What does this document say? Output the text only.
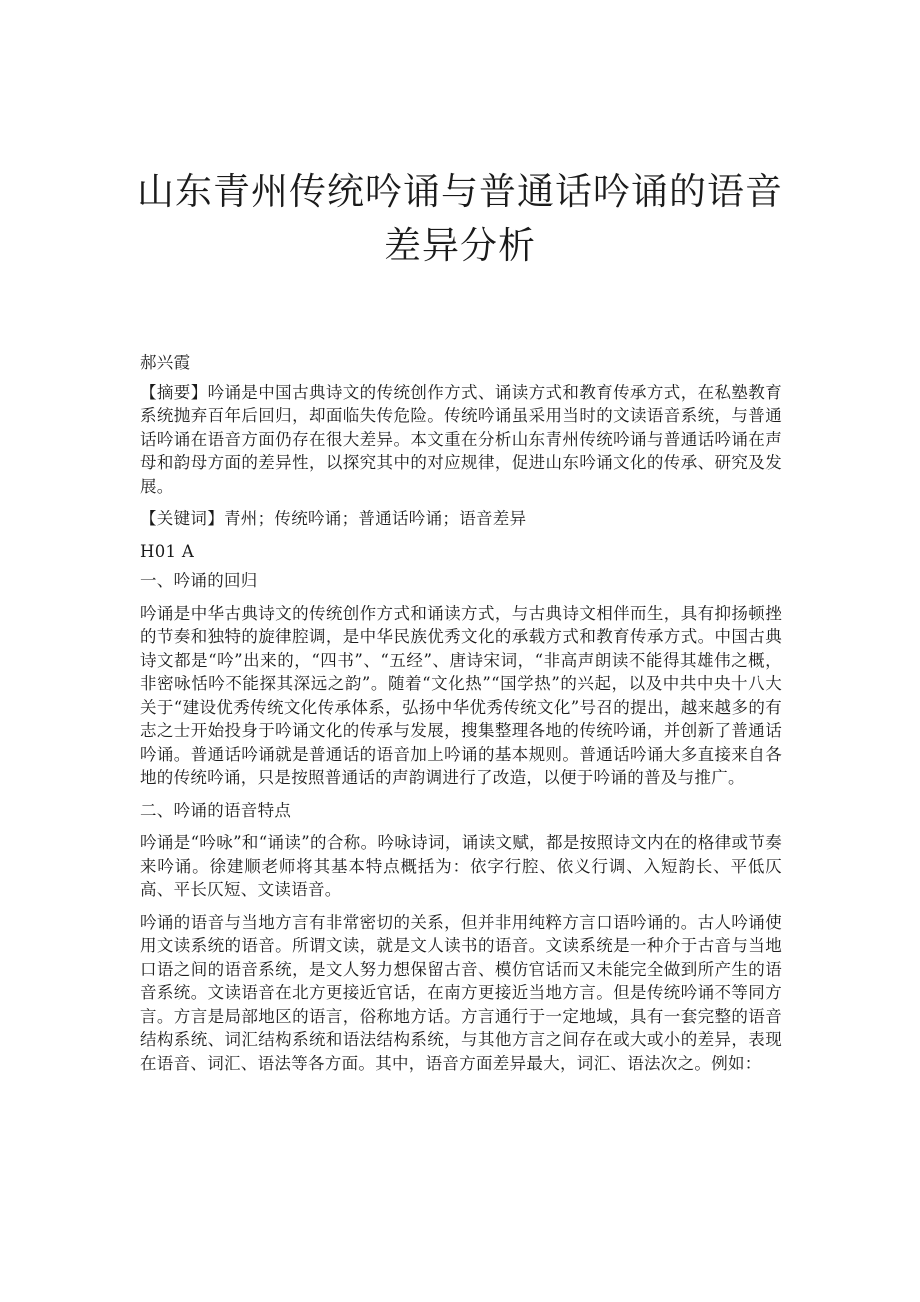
山东青州传统吟诵与普通话吟诵的语音
差异分析

郝兴霞

【摘要】吟诵是中国古典诗文的传统创作方式、诵读方式和教育传承方式，在私塾教育系统抛弃百年后回归，却面临失传危险。传统吟诵虽采用当时的文读语音系统，与普通话吟诵在语音方面仍存在很大差异。本文重在分析山东青州传统吟诵与普通话吟诵在声母和韵母方面的差异性，以探究其中的对应规律，促进山东吟诵文化的传承、研究及发展。

【关键词】青州；传统吟诵；普通话吟诵；语音差异

H01 A

一、吟诵的回归

吟诵是中华古典诗文的传统创作方式和诵读方式，与古典诗文相伴而生，具有抑扬顿挫的节奏和独特的旋律腔调，是中华民族优秀文化的承载方式和教育传承方式。中国古典诗文都是“吟”出来的，“四书”、“五经”、唐诗宋词，“非高声朗读不能得其雄伟之概，非密咏恬吟不能探其深远之韵”。随着“文化热”“国学热”的兴起，以及中共中央十八大关于“建设优秀传统文化传承体系，弘扬中华优秀传统文化”号召的提出，越来越多的有志之士开始投身于吟诵文化的传承与发展，搜集整理各地的传统吟诵，并创新了普通话吟诵。普通话吟诵就是普通话的语音加上吟诵的基本规则。普通话吟诵大多直接来自各地的传统吟诵，只是按照普通话的声韵调进行了改造，以便于吟诵的普及与推广。

二、吟诵的语音特点

吟诵是“吟咏”和“诵读”的合称。吟咏诗词，诵读文赋，都是按照诗文内在的格律或节奏来吟诵。徐建顺老师将其基本特点概括为：依字行腔、依义行调、入短韵长、平低仄高、平长仄短、文读语音。

吟诵的语音与当地方言有非常密切的关系，但并非用纯粹方言口语吟诵的。古人吟诵使用文读系统的语音。所谓文读，就是文人读书的语音。文读系统是一种介于古音与当地口语之间的语音系统，是文人努力想保留古音、模仿官话而又未能完全做到所产生的语音系统。文读语音在北方更接近官话，在南方更接近当地方言。但是传统吟诵不等同方言。方言是局部地区的语言，俗称地方话。方言通行于一定地域，具有一套完整的语音结构系统、词汇结构系统和语法结构系统，与其他方言之间存在或大或小的差异，表现在语音、词汇、语法等各方面。其中，语音方面差异最大，词汇、语法次之。例如：
